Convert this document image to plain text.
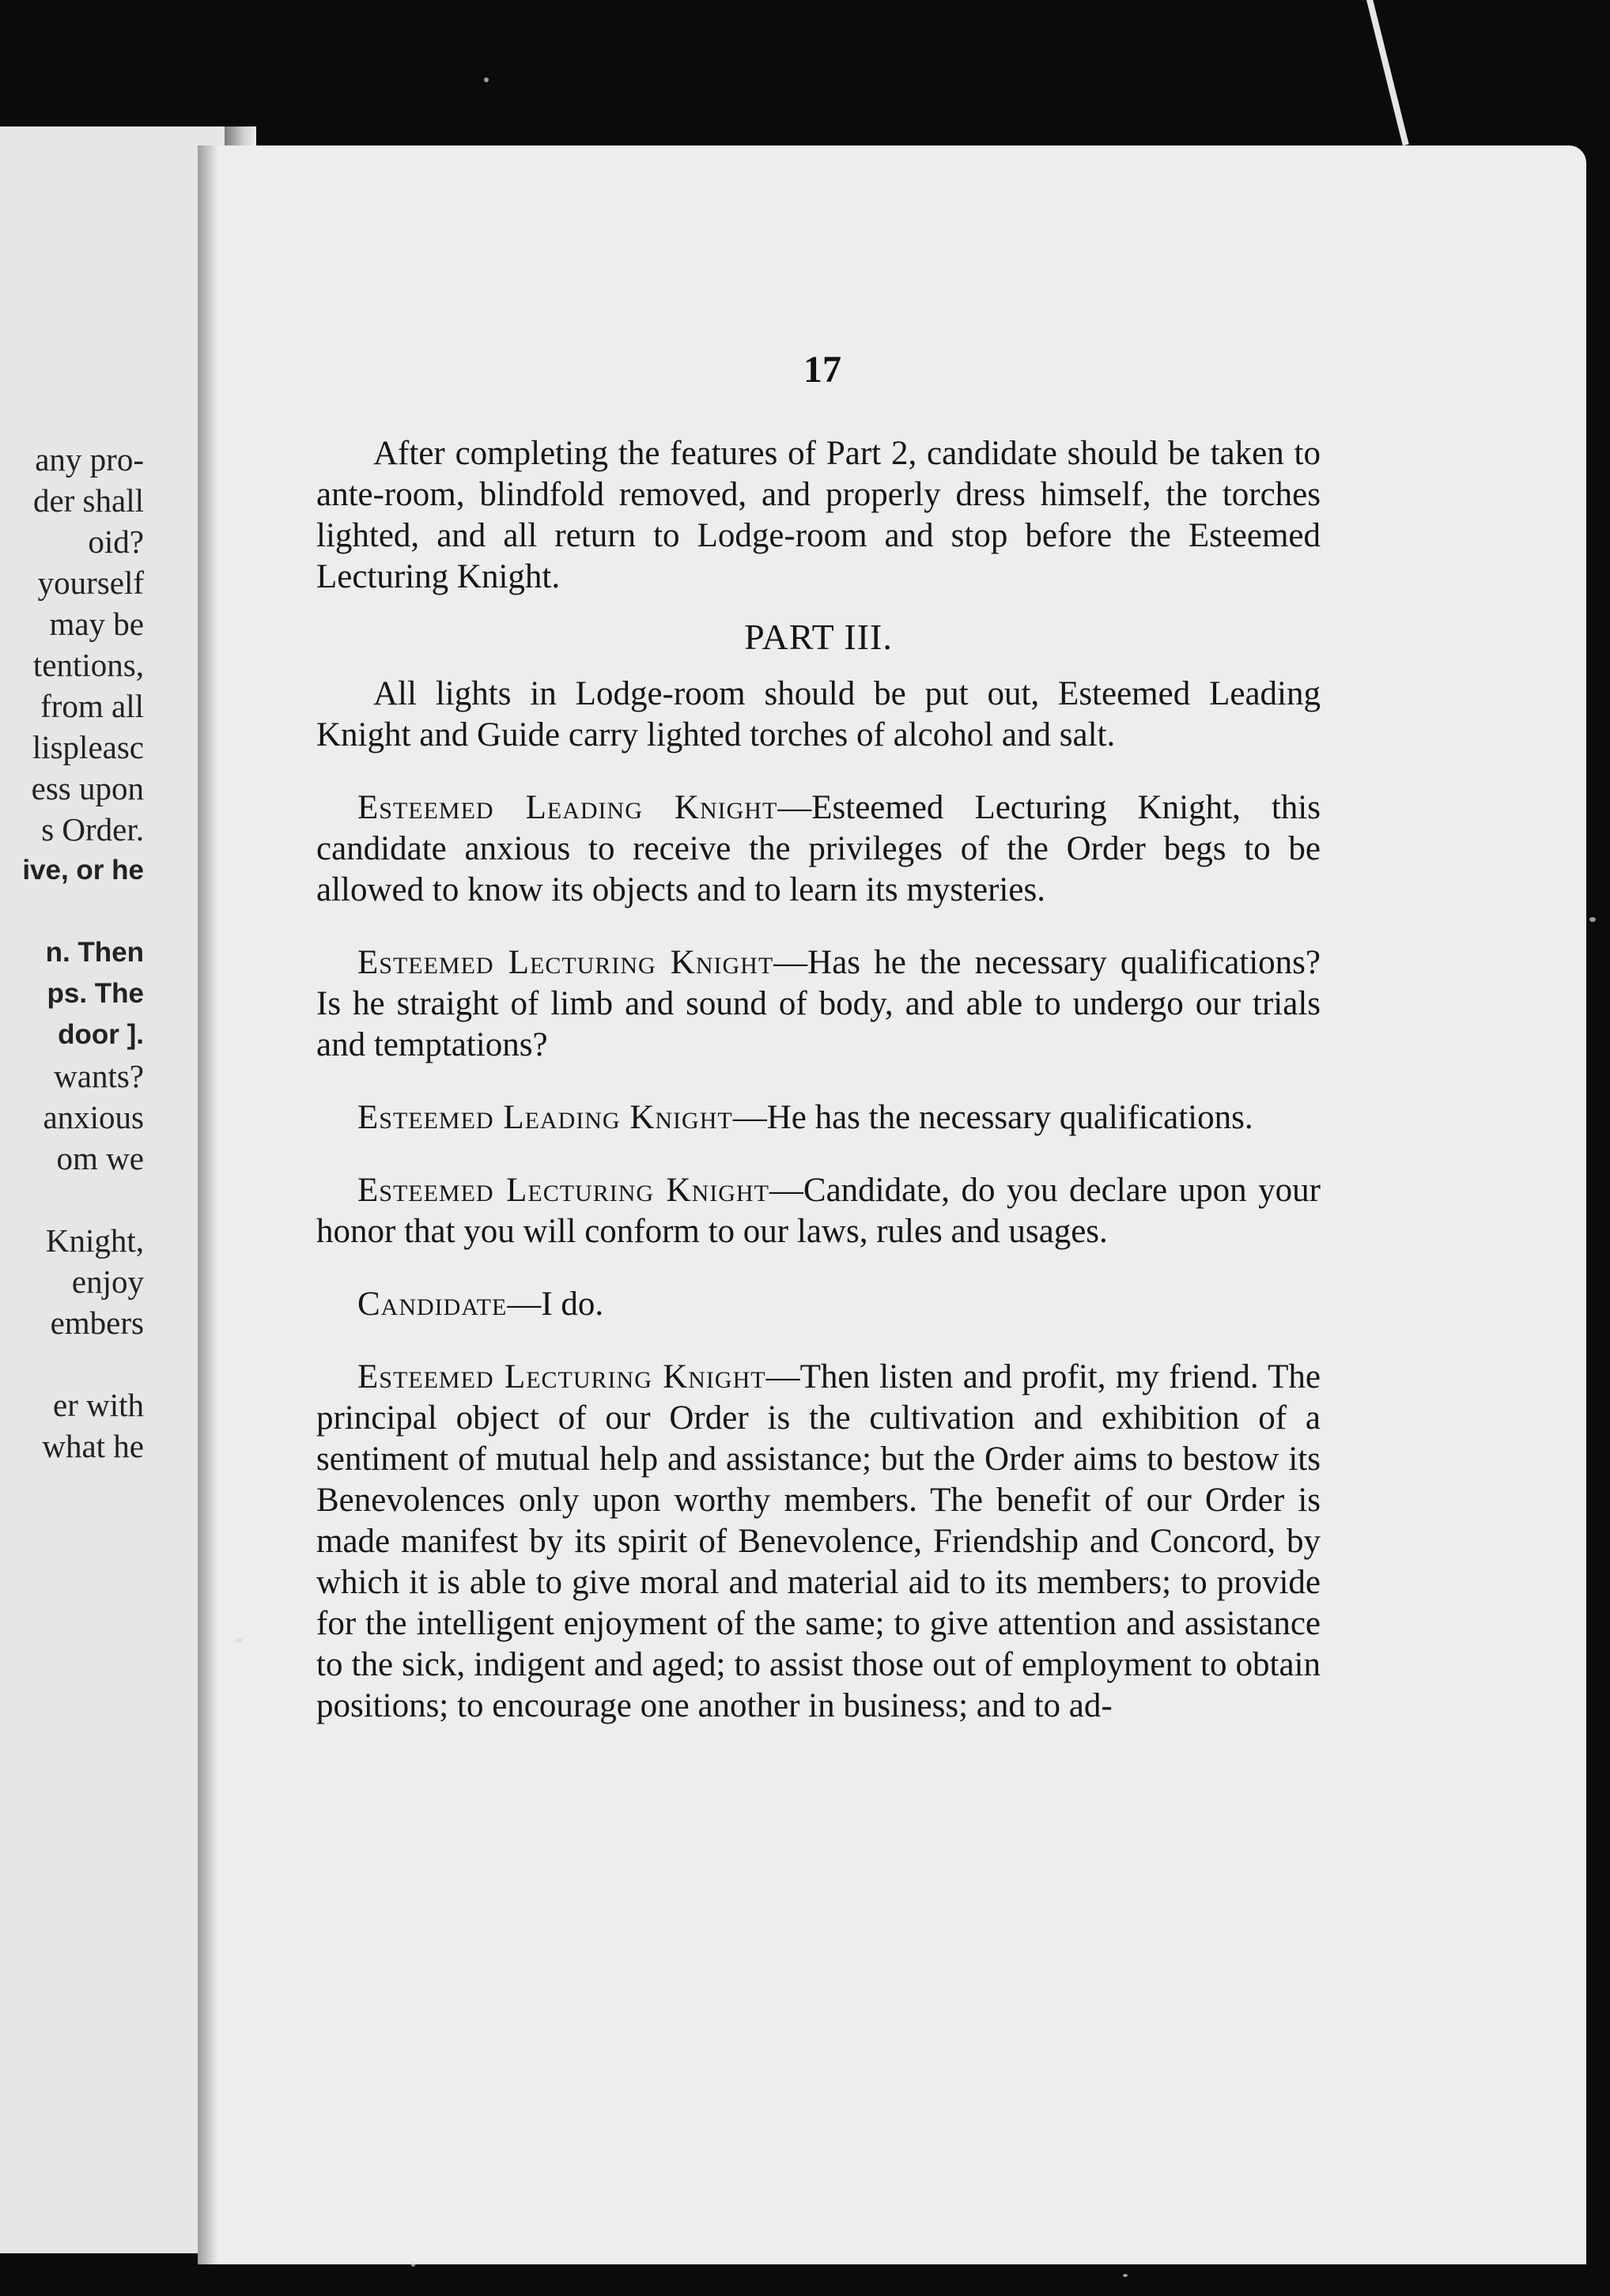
any pro-
der shall
oid?
yourself
may be
tentions,
from all
lispleasc
ess upon
s Order.
ive, or he
n. Then
ps. The
door ].
wants?
anxious
om we
Knight,
enjoy
embers
er with
what he
17

After completing the features of Part 2, candidate should be taken to ante-room, blindfold removed, and properly dress himself, the torches lighted, and all return to Lodge-room and stop before the Esteemed Lecturing Knight.

PART III.

All lights in Lodge-room should be put out, Esteemed Leading Knight and Guide carry lighted torches of alcohol and salt.

Esteemed Leading Knight—Esteemed Lecturing Knight, this candidate anxious to receive the privileges of the Order begs to be allowed to know its objects and to learn its mysteries.

Esteemed Lecturing Knight—Has he the necessary qualifications? Is he straight of limb and sound of body, and able to undergo our trials and temptations?

Esteemed Leading Knight—He has the necessary qualifications.

Esteemed Lecturing Knight—Candidate, do you declare upon your honor that you will conform to our laws, rules and usages.

Candidate—I do.

Esteemed Lecturing Knight—Then listen and profit, my friend. The principal object of our Order is the cultivation and exhibition of a sentiment of mutual help and assistance; but the Order aims to bestow its Benevolences only upon worthy members. The benefit of our Order is made manifest by its spirit of Benevolence, Friendship and Concord, by which it is able to give moral and material aid to its members; to provide for the intelligent enjoyment of the same; to give attention and assistance to the sick, indigent and aged; to assist those out of employment to obtain positions; to encourage one another in business; and to ad-
